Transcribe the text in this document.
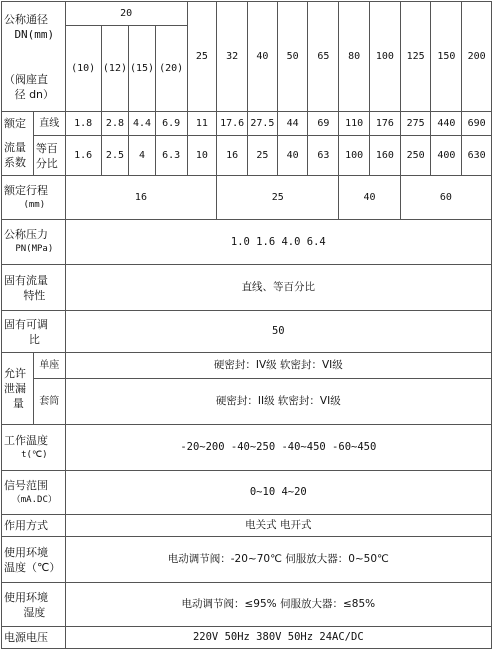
公称通径
DN(mm)
（阀座直
径 dn）		20				25	32	40	50	65	80	100	125	150	200
		(10)	(12)	(15)	(20)										
额定	直线	1.8	2.8	4.4	6.9	11	17.6	27.5	44	69	110	176	275	440	690

流量
系数	等百
分比	1.6	2.5	4	6.3	10	16	25	40	63	100	160	250	400	630

额定行程
(mm)		16					25				40		60		

公称压力
PN(MPa)		1.0 1.6 4.0 6.4													

固有流量
特性		直线、等百分比													

固有可调
比		50													

允许
泄漏
量	单座	硬密封：IV级 软密封：VI级													
	套筒	硬密封：II级 软密封：VI级													

工作温度
t(℃)		-20~200 -40~250 -40~450 -60~450													

信号范围
（mA.DC）		0~10 4~20													
作用方式		电关式 电开式													

使用环境
温度（℃）		电动调节阀：-20~70℃ 伺服放大器：0~50℃													

使用环境
湿度		电动调节阀：≤95% 伺服放大器：≤85%													
电源电压		220V 50Hz 380V 50Hz 24AC/DC													
